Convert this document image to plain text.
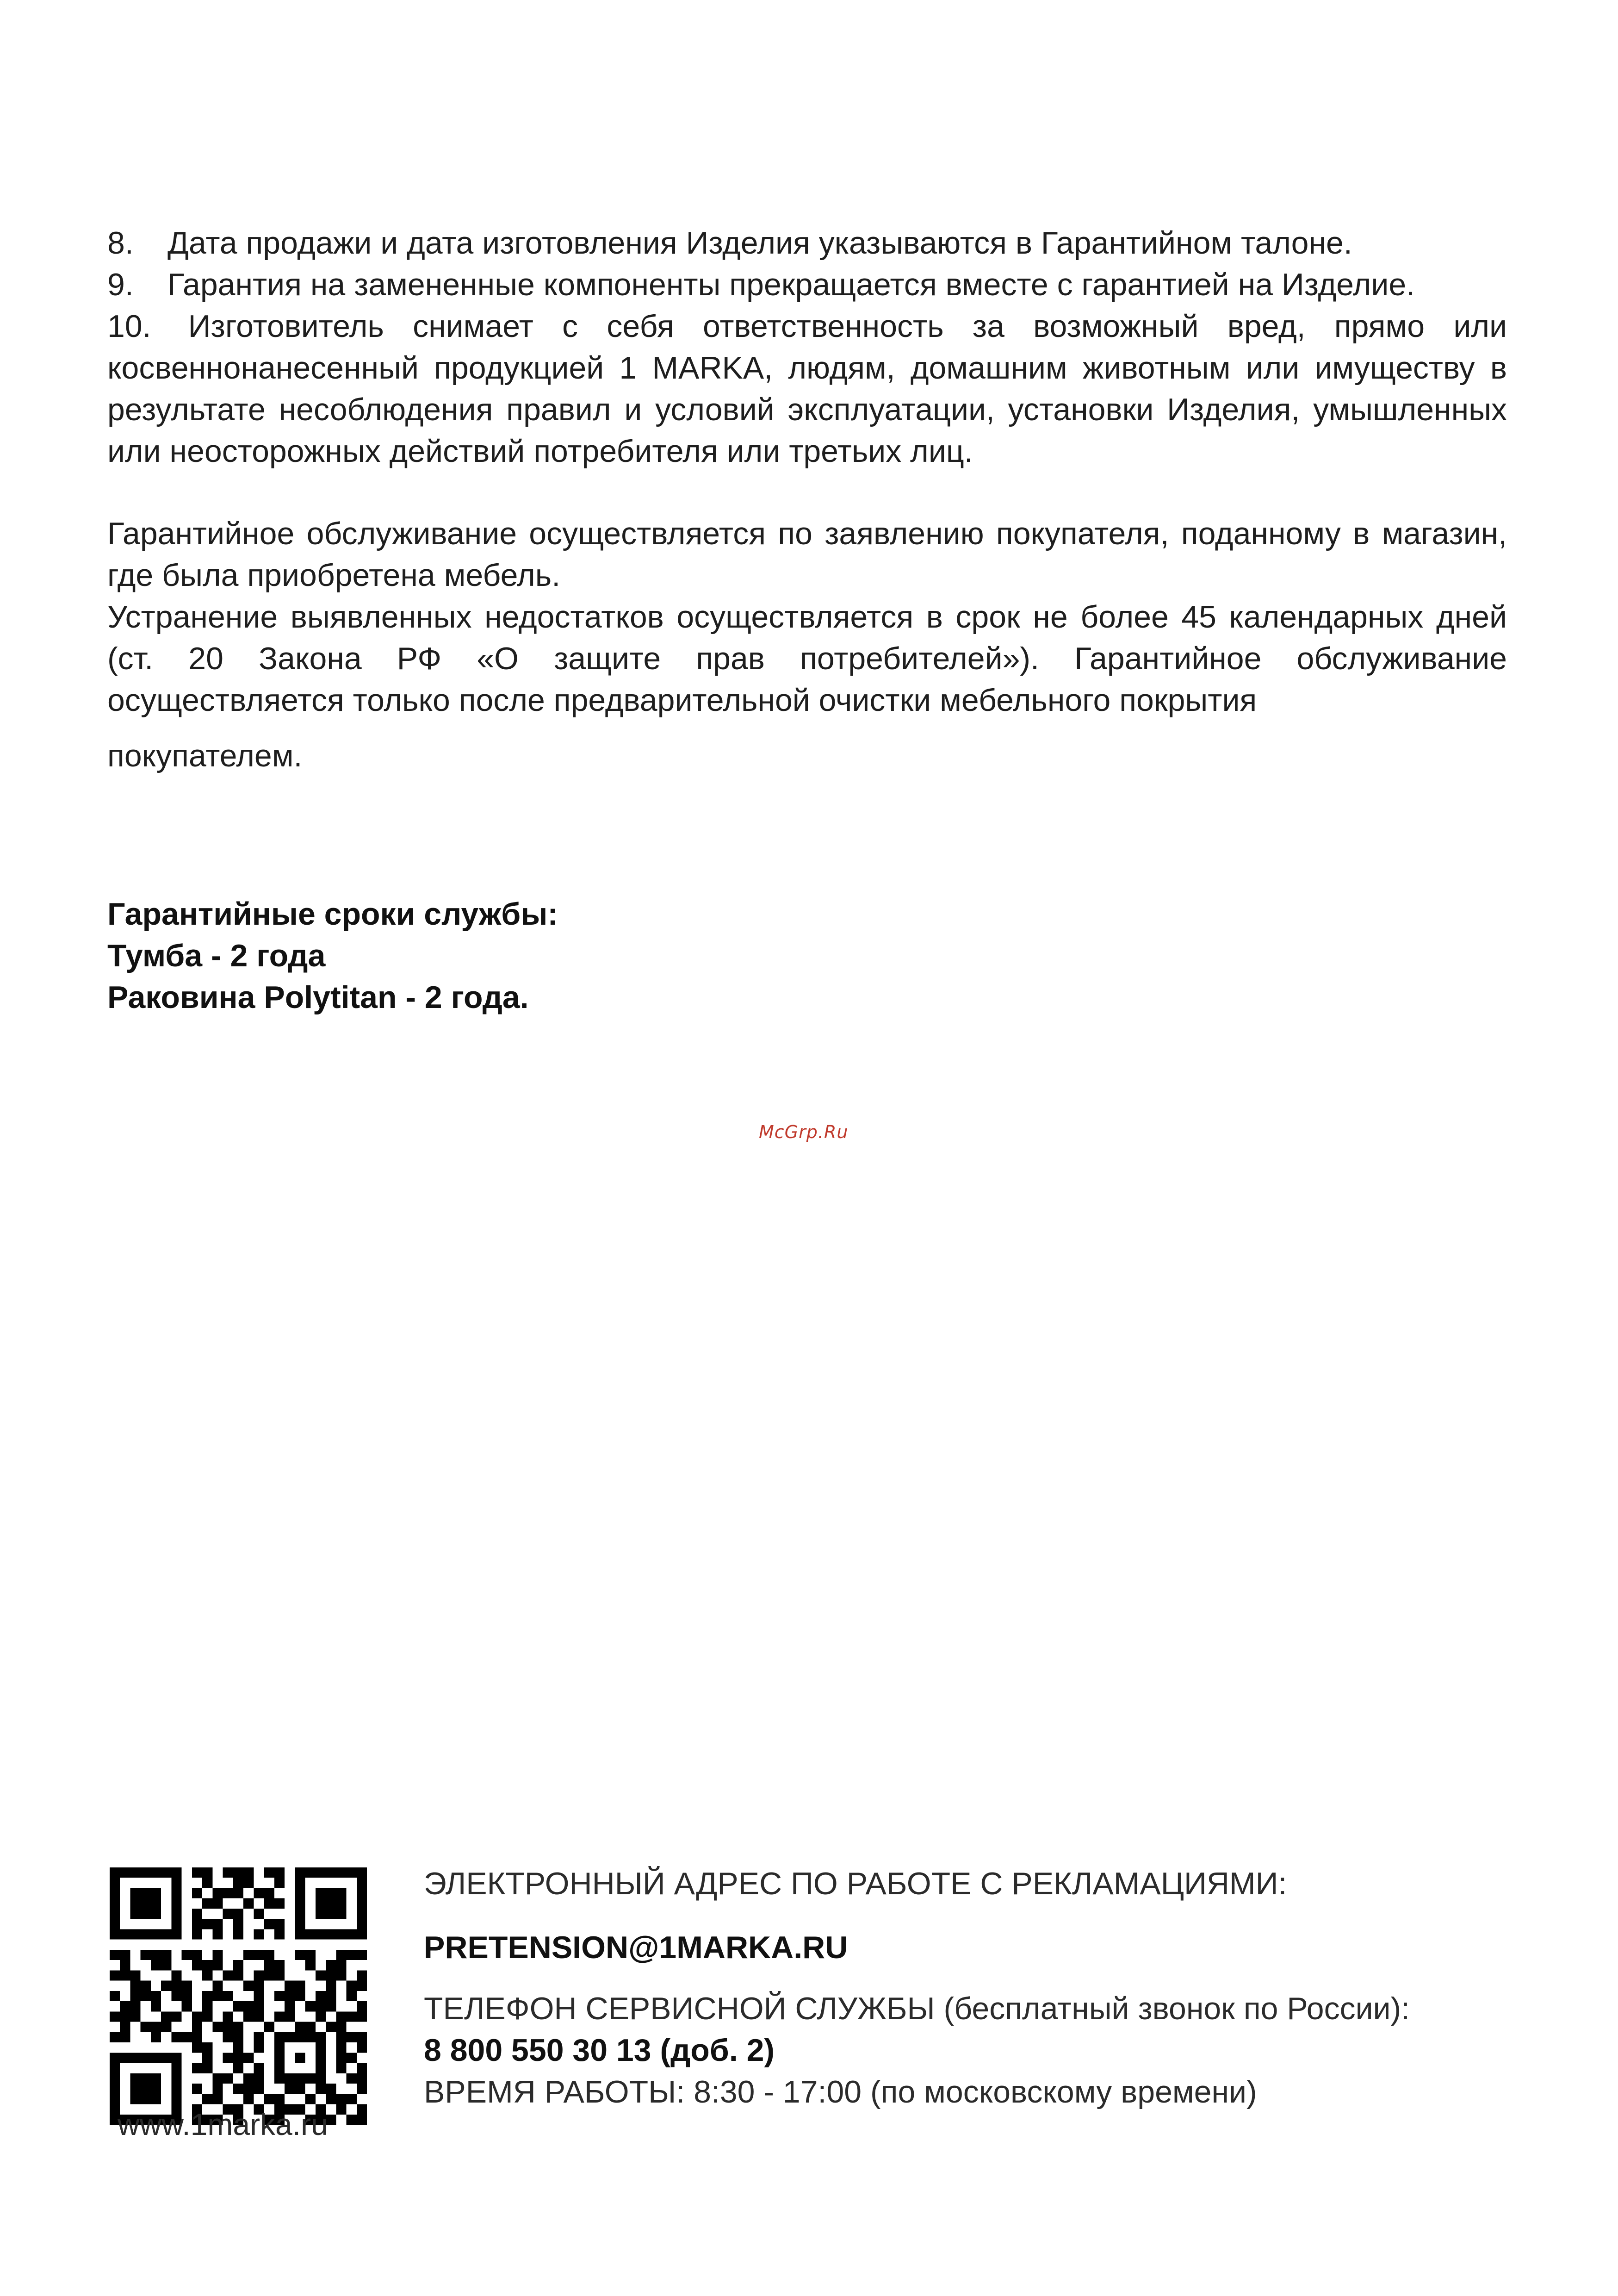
8. Дата продажи и дата изготовления Изделия указываются в Гарантийном талоне.

9. Гарантия на замененные компоненты прекращается вместе с гарантией на Изделие.

10. Изготовитель снимает с себя ответственность за возможный вред, прямо или косвеннонанесенный продукцией 1 MARKA, людям, домашним животным или имуществу в результате несоблюдения правил и условий эксплуатации, установки Изделия, умышленных или неосторожных действий потребителя или третьих лиц.

Гарантийное обслуживание осуществляется по заявлению покупателя, поданному в магазин, где была приобретена мебель.

Устранение выявленных недостатков осуществляется в срок не более 45 календарных дней (ст. 20 Закона РФ «О защите прав потребителей»). Гарантийное обслуживание осуществляется только после предварительной очистки мебельного покрытия

покупателем.

Гарантийные сроки службы:
Тумба - 2 года
Раковина Polytitan - 2 года.
McGrp.Ru
www.1marka.ru
ЭЛЕКТРОННЫЙ АДРЕС ПО РАБОТЕ С РЕКЛАМАЦИЯМИ:
PRETENSION@1MARKA.RU
ТЕЛЕФОН СЕРВИСНОЙ СЛУЖБЫ (бесплатный звонок по России):
8 800 550 30 13 (доб. 2)
ВРЕМЯ РАБОТЫ: 8:30 - 17:00 (по московскому времени)
